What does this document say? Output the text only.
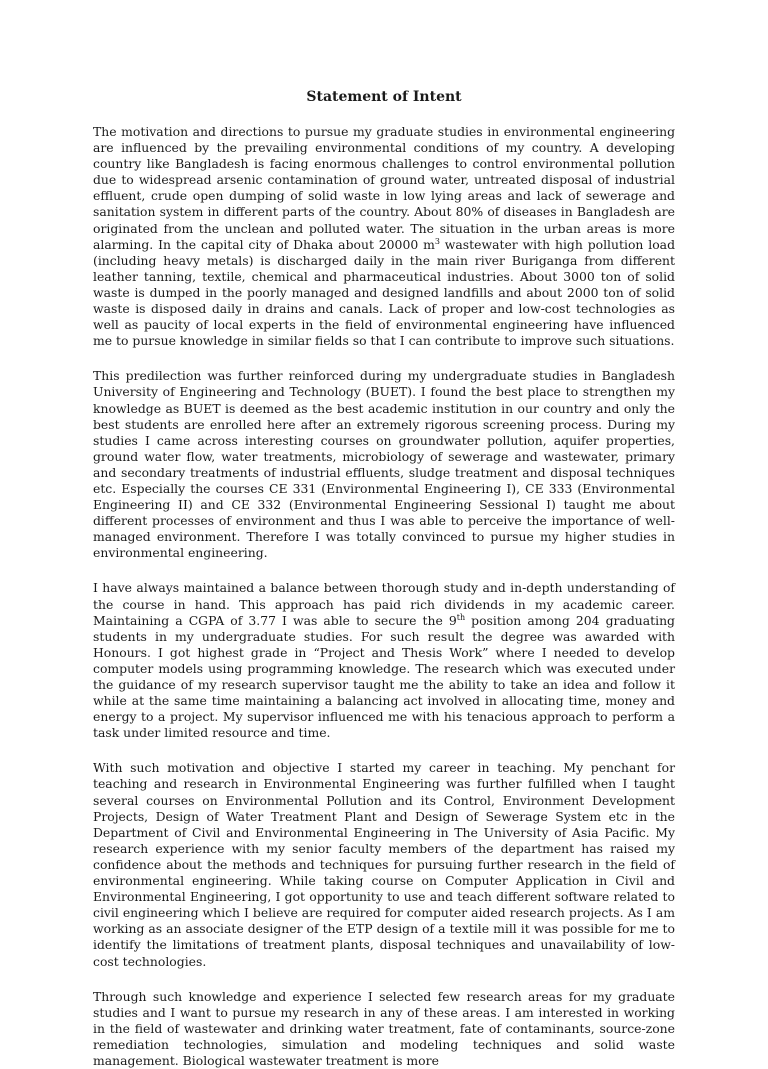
Statement of Intent

The motivation and directions to pursue my graduate studies in environmental engineering are influenced by the prevailing environmental conditions of my country. A developing country like Bangladesh is facing enormous challenges to control environmental pollution due to widespread arsenic contamination of ground water, untreated disposal of industrial effluent, crude open dumping of solid waste in low lying areas and lack of sewerage and sanitation system in different parts of the country. About 80% of diseases in Bangladesh are originated from the unclean and polluted water. The situation in the urban areas is more alarming. In the capital city of Dhaka about 20000 $m^3$ wastewater with high pollution load (including heavy metals) is discharged daily in the main river Buriganga from different leather tanning, textile, chemical and pharmaceutical industries. About 3000 ton of solid waste is dumped in the poorly managed and designed landfills and about 2000 ton of solid waste is disposed daily in drains and canals. Lack of proper and low-cost technologies as well as paucity of local experts in the field of environmental engineering have influenced me to pursue knowledge in similar fields so that I can contribute to improve such situations.

This predilection was further reinforced during my undergraduate studies in Bangladesh University of Engineering and Technology (BUET). I found the best place to strengthen my knowledge as BUET is deemed as the best academic institution in our country and only the best students are enrolled here after an extremely rigorous screening process. During my studies I came across interesting courses on groundwater pollution, aquifer properties, ground water flow, water treatments, microbiology of sewerage and wastewater, primary and secondary treatments of industrial effluents, sludge treatment and disposal techniques etc. Especially the courses CE 331 (Environmental Engineering I), CE 333 (Environmental Engineering II) and CE 332 (Environmental Engineering Sessional I) taught me about different processes of environment and thus I was able to perceive the importance of well-managed environment. Therefore I was totally convinced to pursue my higher studies in environmental engineering.

I have always maintained a balance between thorough study and in-depth understanding of the course in hand. This approach has paid rich dividends in my academic career. Maintaining a CGPA of 3.77 I was able to secure the 9th position among 204 graduating students in my undergraduate studies. For such result the degree was awarded with Honours. I got highest grade in “Project and Thesis Work” where I needed to develop computer models using programming knowledge. The research which was executed under the guidance of my research supervisor taught me the ability to take an idea and follow it while at the same time maintaining a balancing act involved in allocating time, money and energy to a project. My supervisor influenced me with his tenacious approach to perform a task under limited resource and time.

With such motivation and objective I started my career in teaching. My penchant for teaching and research in Environmental Engineering was further fulfilled when I taught several courses on Environmental Pollution and its Control, Environment Development Projects, Design of Water Treatment Plant and Design of Sewerage System etc in the Department of Civil and Environmental Engineering in The University of Asia Pacific. My research experience with my senior faculty members of the department has raised my confidence about the methods and techniques for pursuing further research in the field of environmental engineering. While taking course on Computer Application in Civil and Environmental Engineering, I got opportunity to use and teach different software related to civil engineering which I believe are required for computer aided research projects. As I am working as an associate designer of the ETP design of a textile mill it was possible for me to identify the limitations of treatment plants, disposal techniques and unavailability of low-cost technologies.

Through such knowledge and experience I selected few research areas for my graduate studies and I want to pursue my research in any of these areas. I am interested in working in the field of wastewater and drinking water treatment, fate of contaminants, source-zone remediation technologies, simulation and modeling techniques and solid waste management. Biological wastewater treatment is more
